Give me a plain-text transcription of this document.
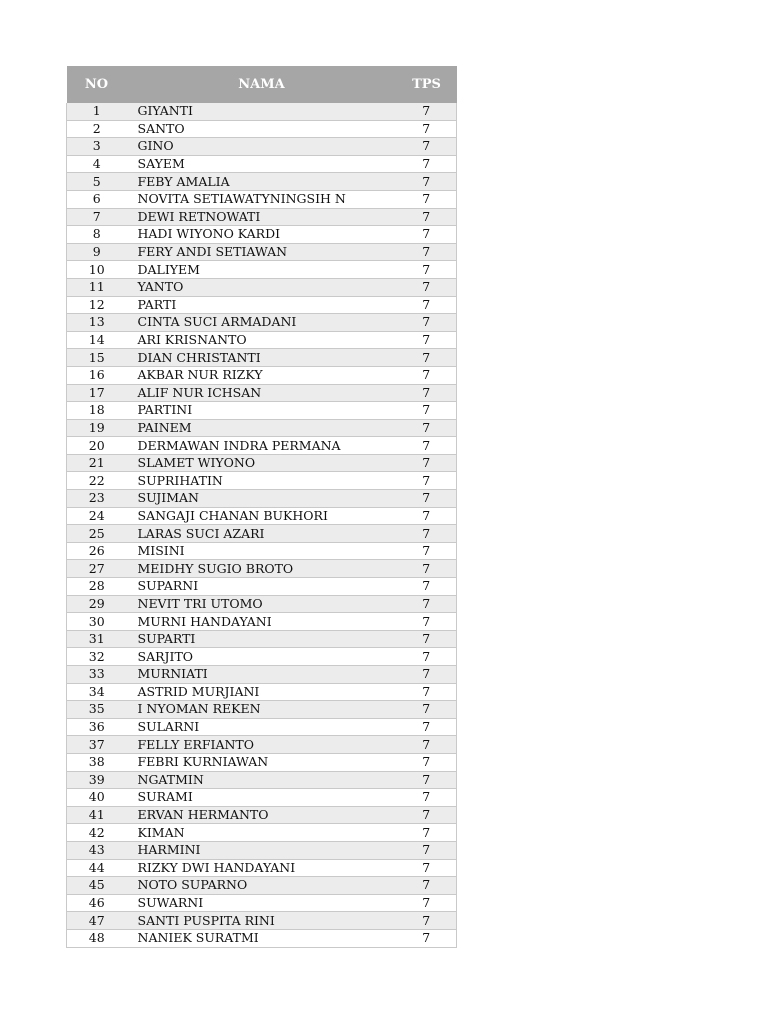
NO	NAMA	TPS
1	GIYANTI	7
2	SANTO	7
3	GINO	7
4	SAYEM	7
5	FEBY AMALIA	7
6	NOVITA SETIAWATYNINGSIH N	7
7	DEWI RETNOWATI	7
8	HADI WIYONO KARDI	7
9	FERY ANDI SETIAWAN	7
10	DALIYEM	7
11	YANTO	7
12	PARTI	7
13	CINTA SUCI ARMADANI	7
14	ARI KRISNANTO	7
15	DIAN CHRISTANTI	7
16	AKBAR NUR RIZKY	7
17	ALIF NUR ICHSAN	7
18	PARTINI	7
19	PAINEM	7
20	DERMAWAN INDRA PERMANA	7
21	SLAMET WIYONO	7
22	SUPRIHATIN	7
23	SUJIMAN	7
24	SANGAJI CHANAN BUKHORI	7
25	LARAS SUCI AZARI	7
26	MISINI	7
27	MEIDHY SUGIO BROTO	7
28	SUPARNI	7
29	NEVIT TRI UTOMO	7
30	MURNI HANDAYANI	7
31	SUPARTI	7
32	SARJITO	7
33	MURNIATI	7
34	ASTRID MURJIANI	7
35	I NYOMAN REKEN	7
36	SULARNI	7
37	FELLY ERFIANTO	7
38	FEBRI KURNIAWAN	7
39	NGATMIN	7
40	SURAMI	7
41	ERVAN HERMANTO	7
42	KIMAN	7
43	HARMINI	7
44	RIZKY DWI HANDAYANI	7
45	NOTO SUPARNO	7
46	SUWARNI	7
47	SANTI PUSPITA RINI	7
48	NANIEK SURATMI	7
